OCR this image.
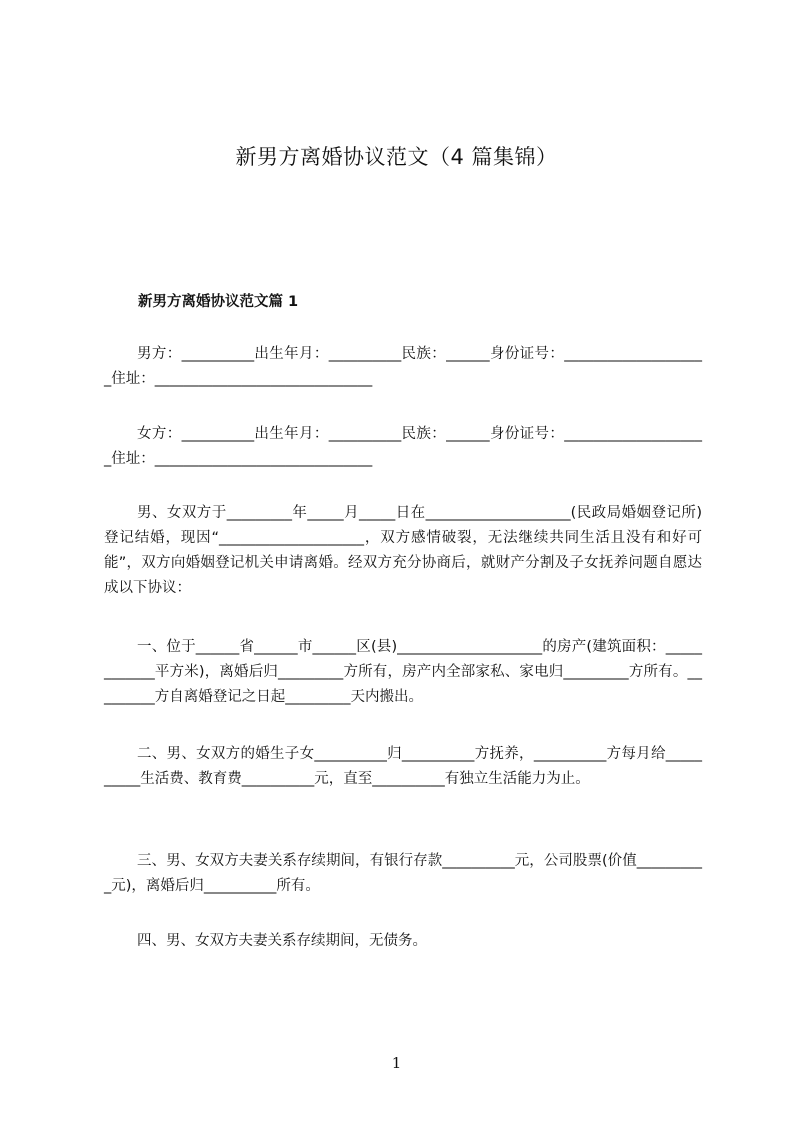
新男方离婚协议范文（4 篇集锦）
新男方离婚协议范文篇 1

男方：__________出生年月：__________民族：______身份证号：____________________住址：______________________________

女方：__________出生年月：__________民族：______身份证号：____________________住址：______________________________

男、女双方于_________年_____月_____日在____________________(民政局婚姻登记所)登记结婚，现因“____________________，双方感情破裂，无法继续共同生活且没有和好可能”，双方向婚姻登记机关申请离婚。经双方充分协商后，就财产分割及子女抚养问题自愿达成以下协议：

一、位于______省______市______区(县)____________________的房产(建筑面积：____________平方米)，离婚后归_________方所有，房产内全部家私、家电归_________方所有。_________方自离婚登记之日起_________天内搬出。

二、男、女双方的婚生子女__________归__________方抚养，__________方每月给__________生活费、教育费__________元，直至__________有独立生活能力为止。

三、男、女双方夫妻关系存续期间，有银行存款__________元，公司股票(价值__________元)，离婚后归__________所有。

四、男、女双方夫妻关系存续期间，无债务。

1
